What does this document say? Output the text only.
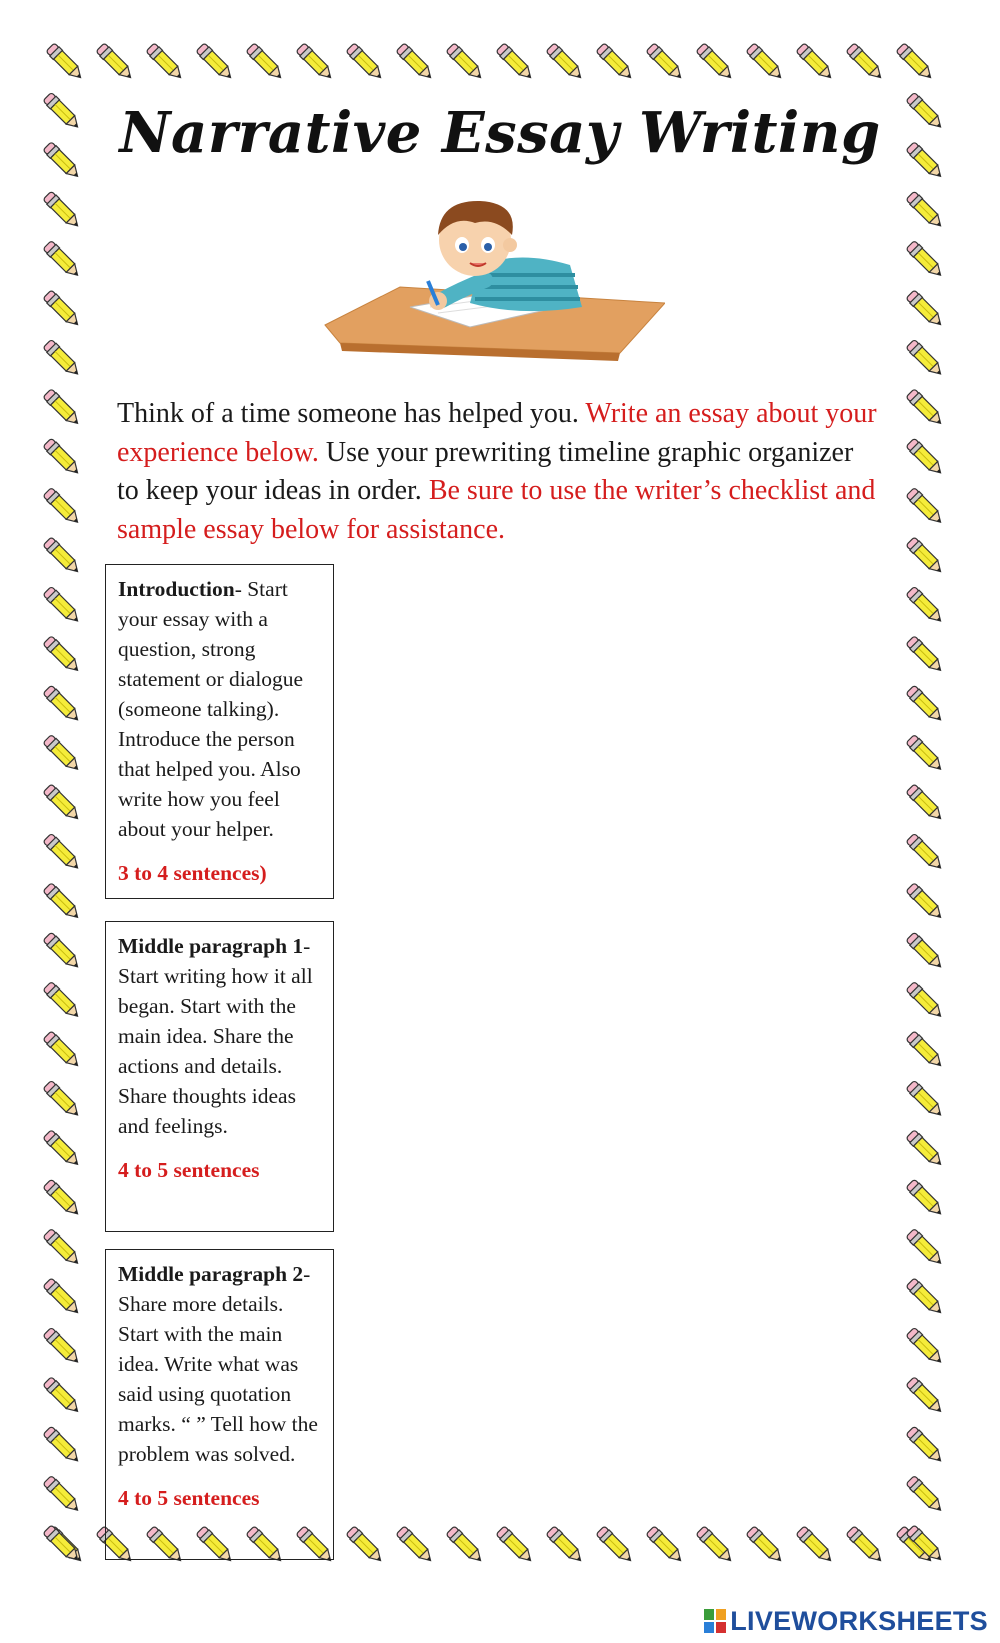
Narrative Essay Writing
Think of a time someone has helped you. Write an essay about your experience below. Use your prewriting timeline graphic organizer to keep your ideas in order. Be sure to use the writer’s checklist and sample essay below for assistance.
Introduction- Start your essay with a question, strong statement or dialogue (someone talking). Introduce the person that helped you. Also write how you feel about your helper.
3 to 4 sentences)
Middle paragraph 1- Start writing how it all began. Start with the main idea. Share the actions and details. Share thoughts ideas and feelings.
4 to 5 sentences
Middle paragraph 2- Share more details. Start with the main idea. Write what was said using quotation marks. “ ” Tell how the problem was solved.
4 to 5 sentences
LIVEWORKSHEETS
